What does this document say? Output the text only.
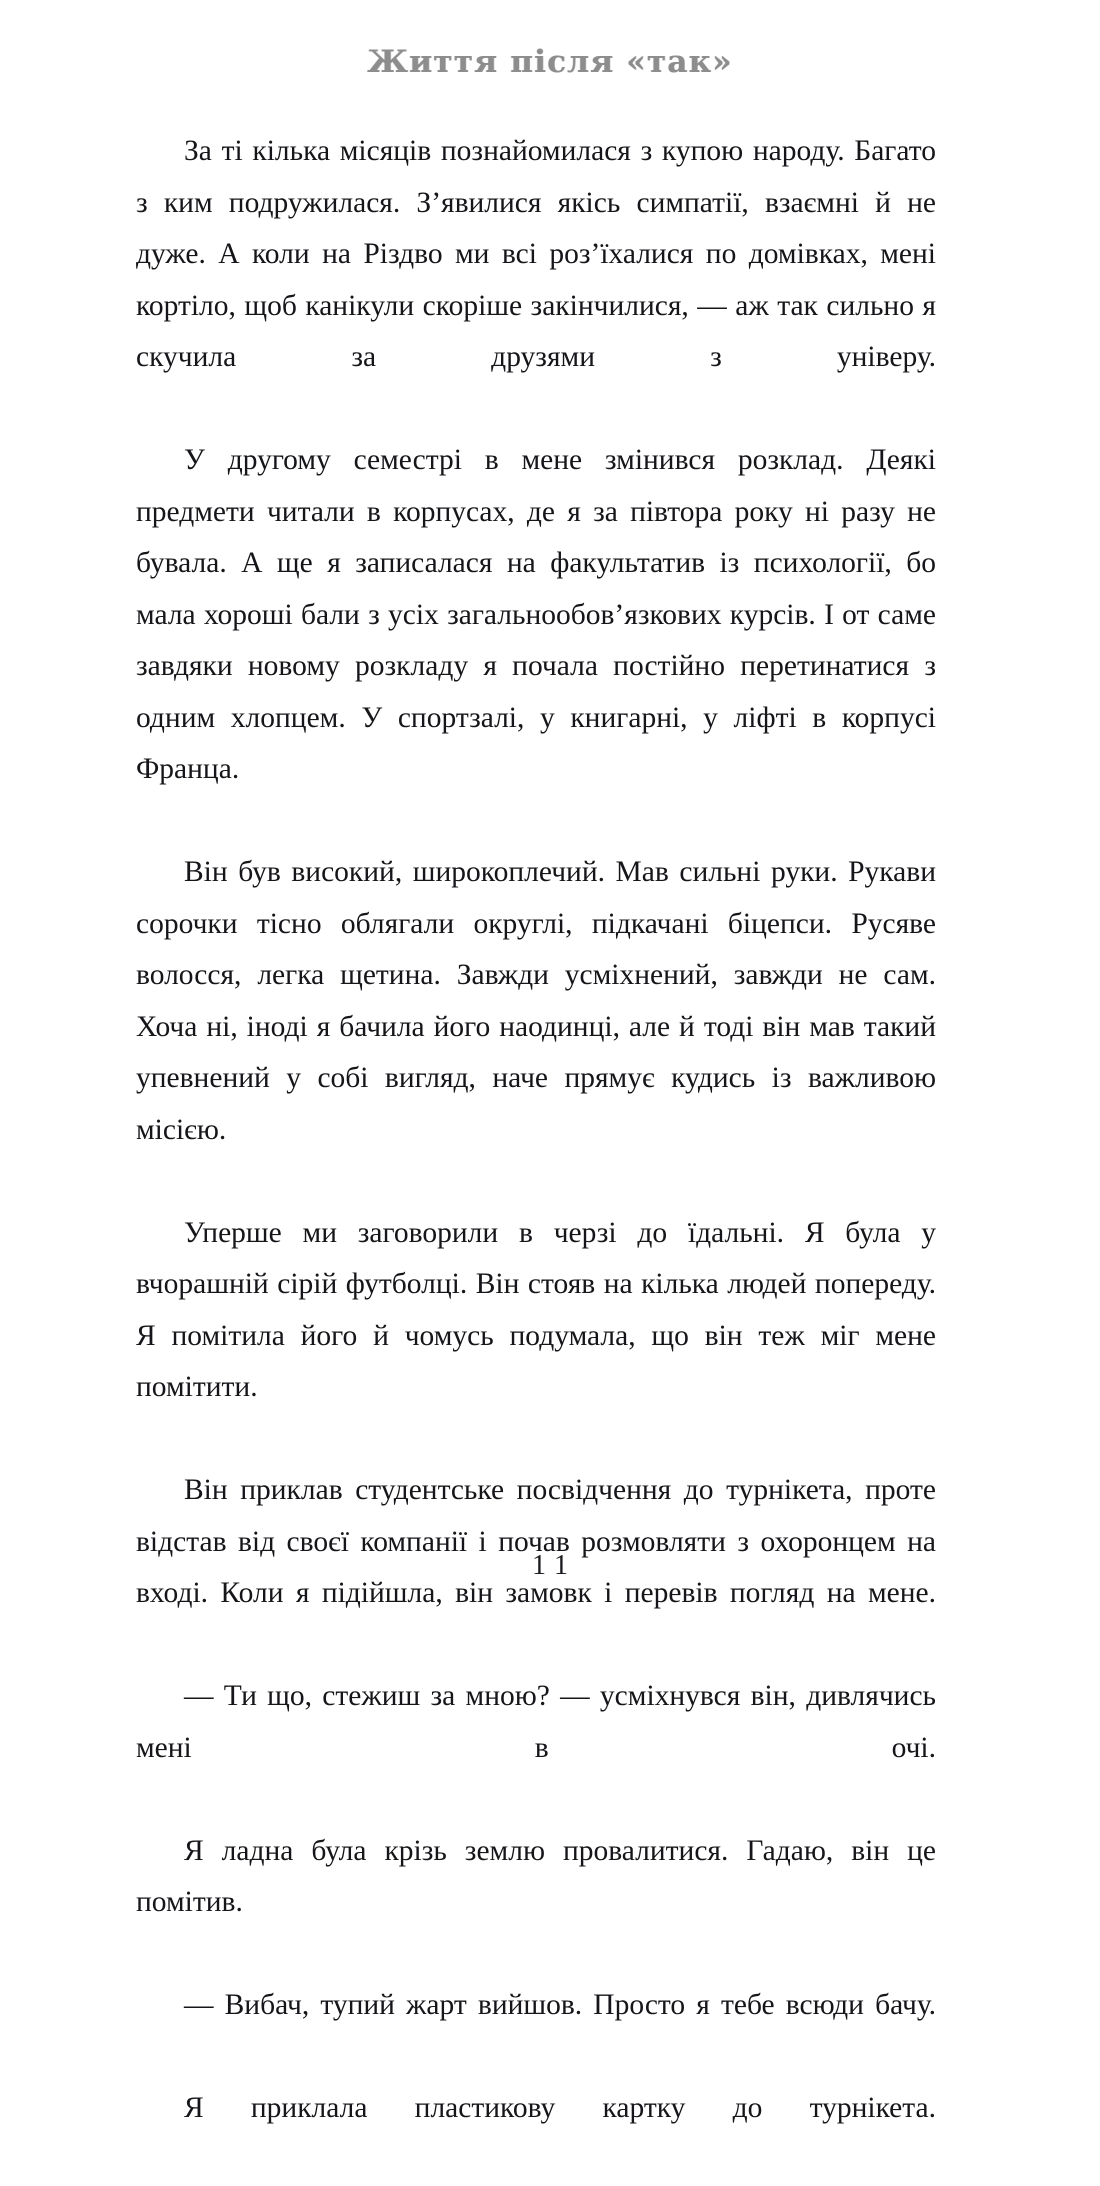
Життя після «так»

За ті кілька місяців познайомилася з купою народу. Багато з ким подружилася. З’явилися якісь симпатії, взаємні й не дуже. А коли на Різдво ми всі роз’їхалися по домівках, мені кортіло, щоб канікули скоріше закінчилися, — аж так сильно я скучила за друзями з універу.

У другому семестрі в мене змінився розклад. Деякі предмети читали в корпусах, де я за півтора року ні разу не бувала. А ще я записалася на факультатив із психології, бо мала хороші бали з усіх загальнообов’язкових курсів. І от саме завдяки новому розкладу я почала постійно перетинатися з одним хлопцем. У спортзалі, у книгарні, у ліфті в корпусі Франца.

Він був високий, широкоплечий. Мав сильні руки. Рукави сорочки тісно облягали округлі, підкачані біцепси. Русяве волосся, легка щетина. Завжди усміхнений, завжди не сам. Хоча ні, іноді я бачила його наодинці, але й тоді він мав такий упевнений у собі вигляд, наче прямує кудись із важливою місією.

Уперше ми заговорили в черзі до їдальні. Я була у вчорашній сірій футболці. Він стояв на кілька людей попереду. Я помітила його й чомусь подумала, що він теж міг мене помітити.

Він приклав студентське посвідчення до турнікета, проте відстав від своєї компанії і почав розмовляти з охоронцем на вході. Коли я підійшла, він замовк і перевів погляд на мене.

— Ти що, стежиш за мною? — усміхнувся він, дивлячись мені в очі.

Я ладна була крізь землю провалитися. Гадаю, він це помітив.

— Вибач, тупий жарт вийшов. Просто я тебе всюди бачу.

Я приклала пластикову картку до турнікета.

11
